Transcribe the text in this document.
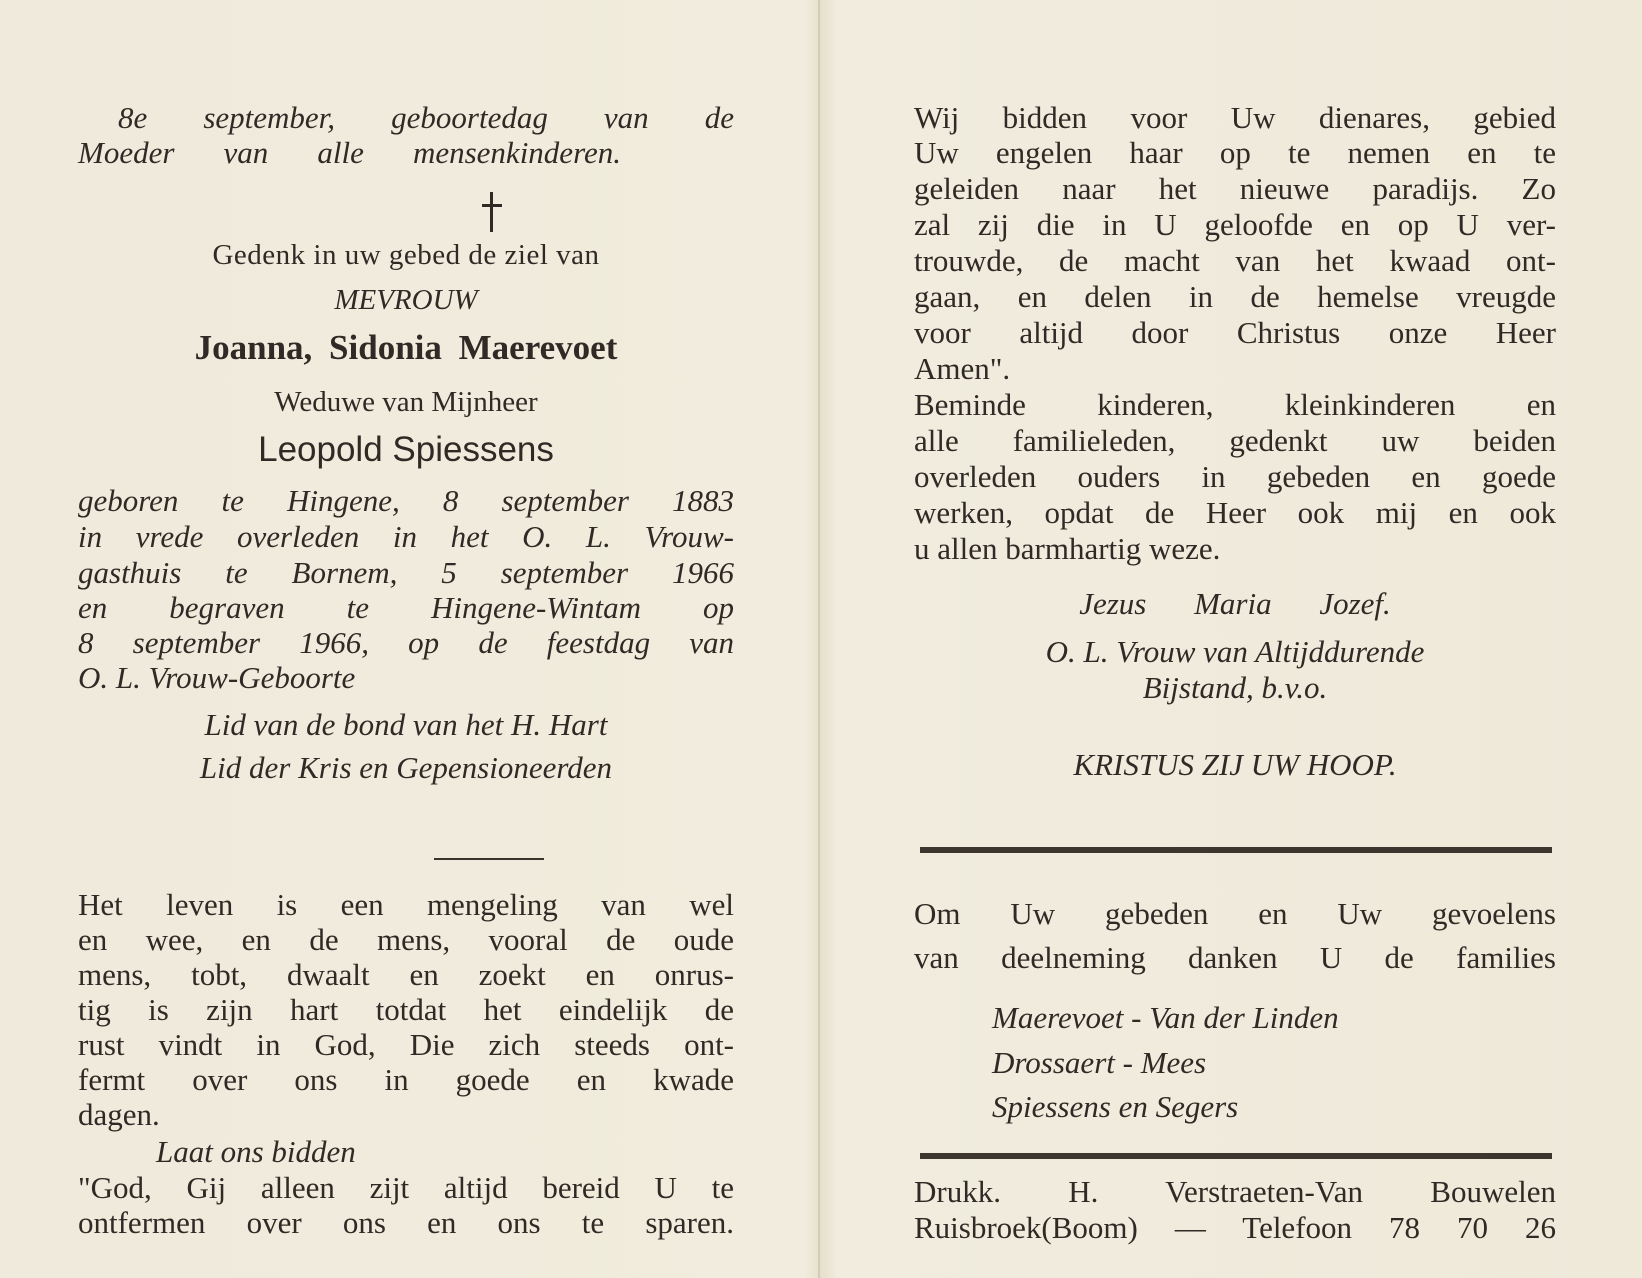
8e september, geboortedag van de
Moeder van alle mensenkinderen.
Gedenk in uw gebed de ziel van
MEVROUW
Joanna, Sidonia Maerevoet
Weduwe van Mijnheer
Leopold Spiessens
geboren te Hingene, 8 september 1883
in vrede overleden in het O. L. Vrouw-
gasthuis te Bornem, 5 september 1966
en begraven te Hingene-Wintam op
8 september 1966, op de feestdag van
O. L. Vrouw-Geboorte
Lid van de bond van het H. Hart
Lid der Kris en Gepensioneerden
Het leven is een mengeling van wel
en wee, en de mens, vooral de oude
mens, tobt, dwaalt en zoekt en onrus-
tig is zijn hart totdat het eindelijk de
rust vindt in God, Die zich steeds ont-
fermt over ons in goede en kwade
dagen.
Laat ons bidden
"God, Gij alleen zijt altijd bereid U te
ontfermen over ons en ons te sparen.
Wij bidden voor Uw dienares, gebied
Uw engelen haar op te nemen en te
geleiden naar het nieuwe paradijs. Zo
zal zij die in U geloofde en op U ver-
trouwde, de macht van het kwaad ont-
gaan, en delen in de hemelse vreugde
voor altijd door Christus onze Heer
Amen".
Beminde kinderen, kleinkinderen en
alle familieleden, gedenkt uw beiden
overleden ouders in gebeden en goede
werken, opdat de Heer ook mij en ook
u allen barmhartig weze.
Jezus Maria Jozef.
O. L. Vrouw van Altijddurende
Bijstand, b.v.o.
KRISTUS ZIJ UW HOOP.
Om Uw gebeden en Uw gevoelens
van deelneming danken U de families
Maerevoet - Van der Linden
Drossaert - Mees
Spiessens en Segers
Drukk. H. Verstraeten-Van Bouwelen
Ruisbroek(Boom) — Telefoon 78 70 26
